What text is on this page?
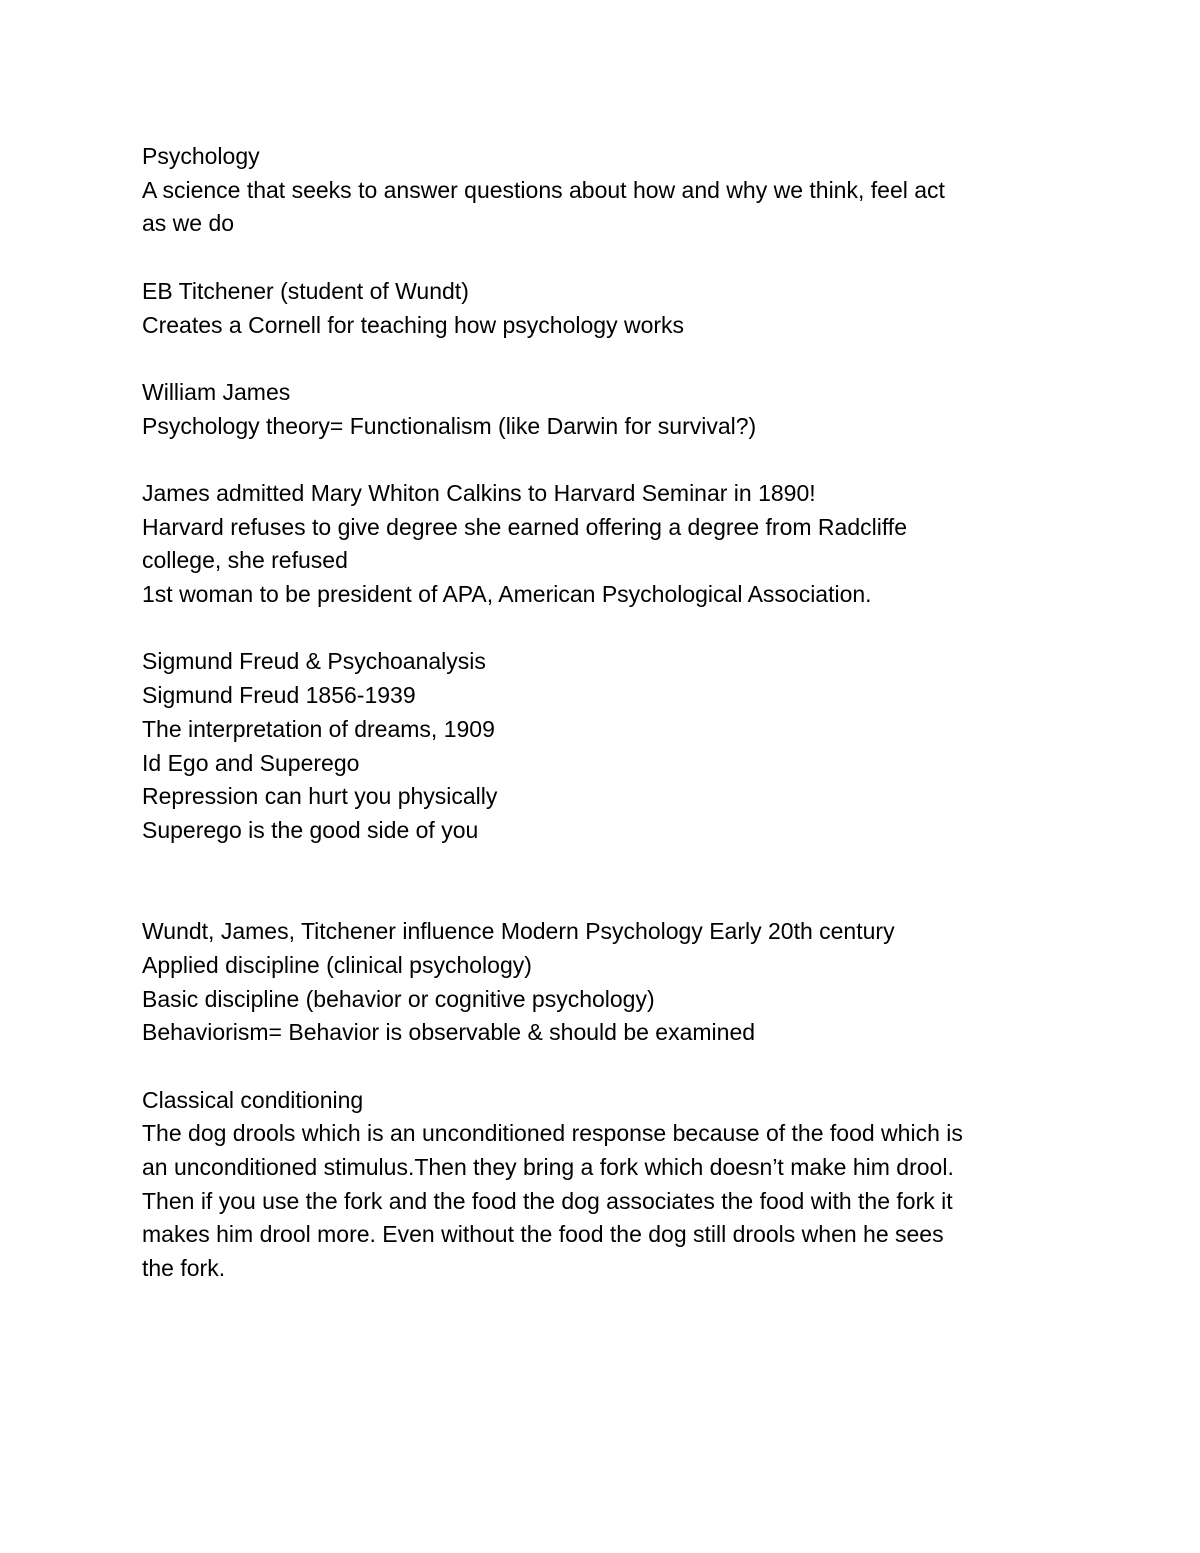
Psychology
A science that seeks to answer questions about how and why we think, feel act
as we do
EB Titchener (student of Wundt)
Creates a Cornell for teaching how psychology works
William James
Psychology theory= Functionalism (like Darwin for survival?)
James admitted Mary Whiton Calkins to Harvard Seminar in 1890!
Harvard refuses to give degree she earned offering a degree from Radcliffe
college, she refused
1st woman to be president of APA, American Psychological Association.
Sigmund Freud & Psychoanalysis
Sigmund Freud 1856-1939
The interpretation of dreams, 1909
Id Ego and Superego
Repression can hurt you physically
Superego is the good side of you
Wundt, James, Titchener influence Modern Psychology Early 20th century
Applied discipline (clinical psychology)
Basic discipline (behavior or cognitive psychology)
Behaviorism= Behavior is observable & should be examined
Classical conditioning
The dog drools which is an unconditioned response because of the food which is
an unconditioned stimulus.Then they bring a fork which doesn’t make him drool.
Then if you use the fork and the food the dog associates the food with the fork it
makes him drool more. Even without the food the dog still drools when he sees
the fork.
